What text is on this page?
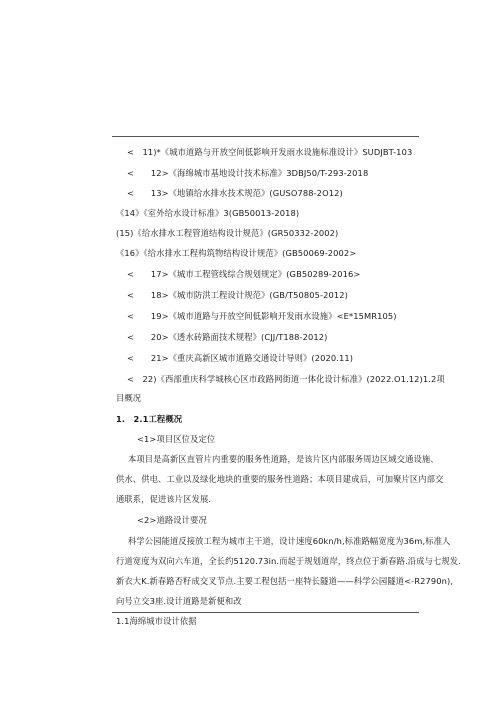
<　11)*《城市道路与开放空间低影响开发雨水设施标准设计》SUDJBT-103
<　　12>《海绵城市基地设计技术标准》3DBJ50/T-293-2018
<　　13>《地镇给水排水技术规范》(GUSO788-2O12)
《14》《室外给水设计标准》3(GB50013-2018)
(15)《给水排水工程管道结构设计规范》(GR50332-2002)
《16》《给水排水工程构筑物结构设计规范》(GB50069-2002>
<　　17>《城市工程管线综合规划规定》(GB50289-2016>
<　　18>《城市防洪工程设计规范》(GB/T50805-2012)
<　　19>《城市道路与开放空间低影响开发雨水设施》<E*15MR105)
<　　20>《透水砖路面技术规程》(CJJ/T188-2012)
<　　21>《重庆高新区城市道路交通设计导则》(2020.11)
<　22)《西部重庆科学城核心区市政路网街道一体化设计标准》(2022.O1.12)1.2项
目概况
1.　2.1工程概况
<1>项目区位及定位
本项目是高新区直管片内重要的服务性道路，是该片区内部服务周边区域交通设施、
供水、供电、工业以及绿化地块的重要的服务性道路；本项目建成后，可加聚片区内部交
通联系，促进该片区发展.
<2>道路设计要况
科学公园能道反接放工程为城市主干道，设计速度60kn/h,标准路幅宽度为36m,标准人
行道宽度为双向六车道，全长约5120.73in.而起于规划道岸，终点位于新春路.沿成与七规发.
新衣大K.新春路否籽成交叉节点.主要工程包括一座特长隧道——科学公园隧道<-R2790n),
向号立交3座.设计道路是新便和改
1.1海绵城市设计依据
